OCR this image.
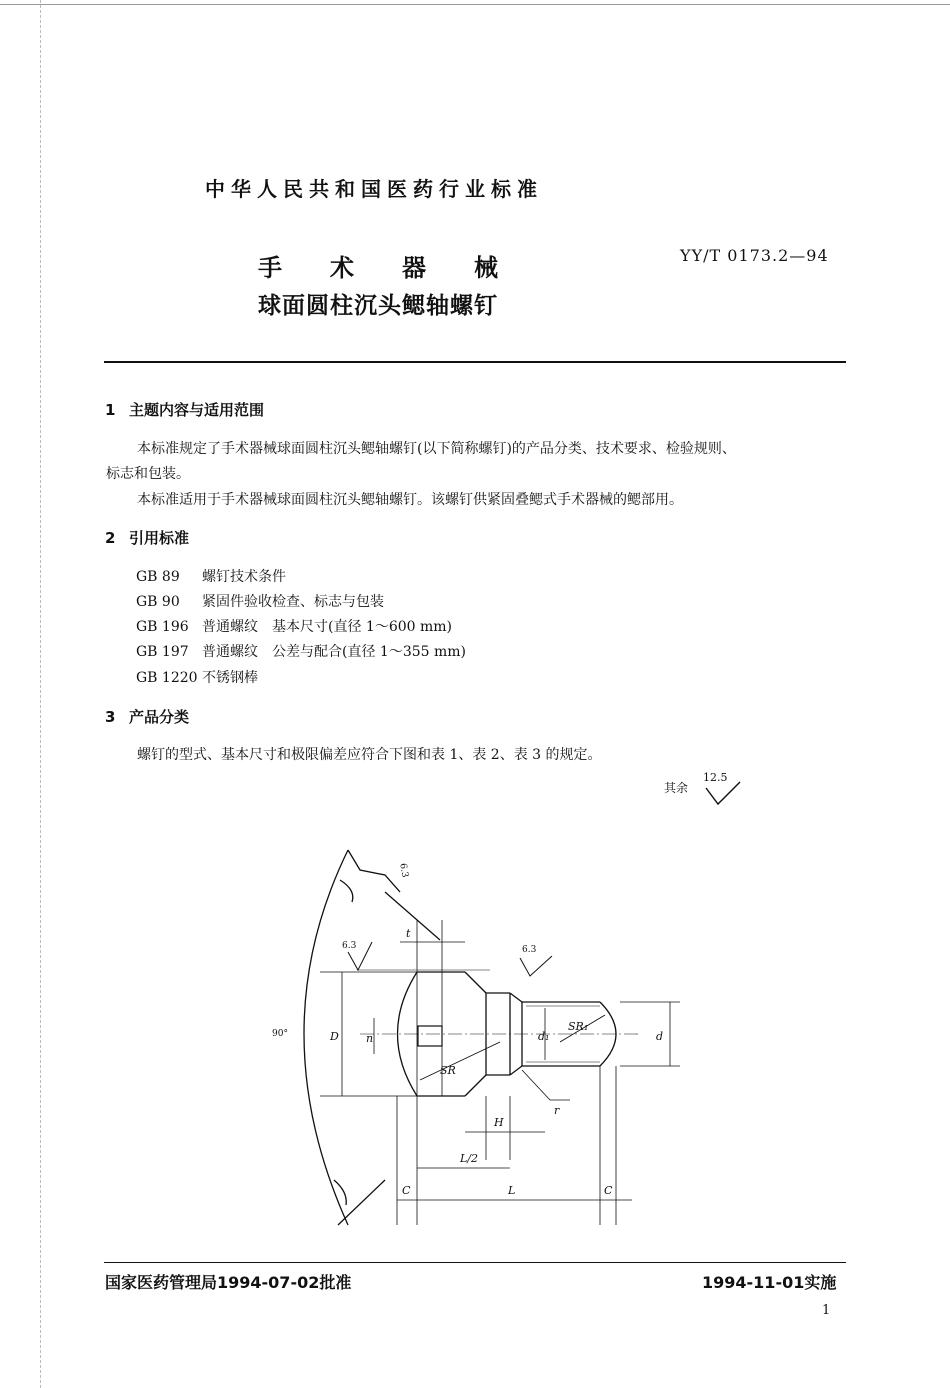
中华人民共和国医药行业标准
手术器械
球面圆柱沉头鳃轴螺钉
YY/T 0173.2—94
1 主题内容与适用范围
本标准规定了手术器械球面圆柱沉头鳃轴螺钉(以下简称螺钉)的产品分类、技术要求、检验规则、
标志和包装。
本标准适用于手术器械球面圆柱沉头鳃轴螺钉。该螺钉供紧固叠鳃式手术器械的鳃部用。
2 引用标准
GB 89 螺钉技术条件
GB 90 紧固件验收检查、标志与包装
GB 196 普通螺纹　基本尺寸(直径 1～600 mm)
GB 197 普通螺纹　公差与配合(直径 1～355 mm)
GB 1220 不锈钢棒
3 产品分类
螺钉的型式、基本尺寸和极限偏差应符合下图和表 1、表 2、表 3 的规定。
其余
12.5
t
D n
SR
SR₁
d₁	d
r
H
L/2
L
C	C
6.3	6.3
6.3
90°
国家医药管理局1994-07-02批准	1994-11-01实施
1
